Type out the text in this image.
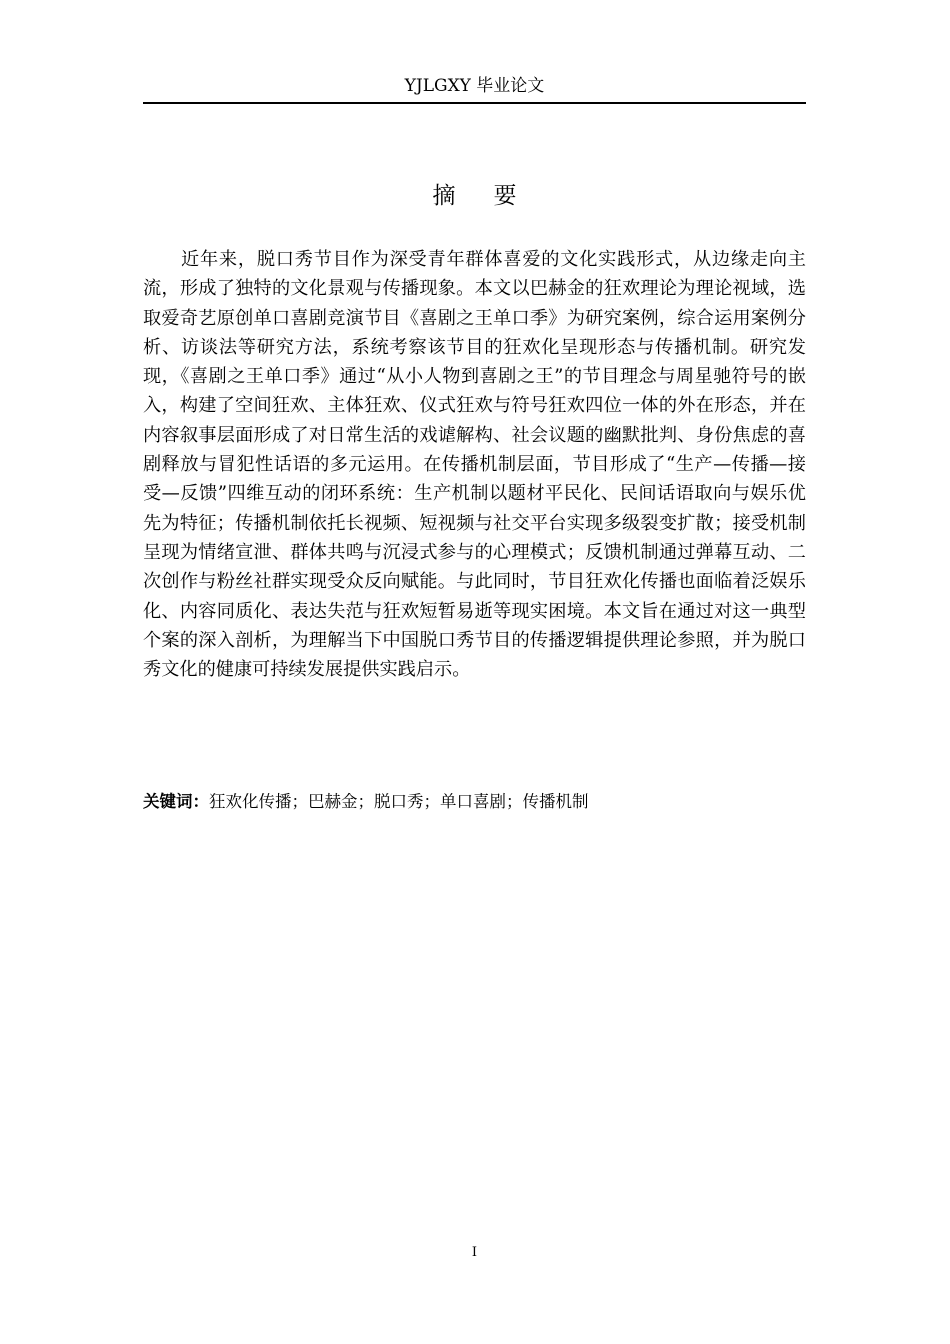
YJLGXY 毕业论文
摘要

近年来，脱口秀节目作为深受青年群体喜爱的文化实践形式，从边缘走向主流，形成了独特的文化景观与传播现象。本文以巴赫金的狂欢理论为理论视域，选取爱奇艺原创单口喜剧竞演节目《喜剧之王单口季》为研究案例，综合运用案例分析、访谈法等研究方法，系统考察该节目的狂欢化呈现形态与传播机制。研究发现，《喜剧之王单口季》通过“从小人物到喜剧之王”的节目理念与周星驰符号的嵌入，构建了空间狂欢、主体狂欢、仪式狂欢与符号狂欢四位一体的外在形态，并在内容叙事层面形成了对日常生活的戏谑解构、社会议题的幽默批判、身份焦虑的喜剧释放与冒犯性话语的多元运用。在传播机制层面，节目形成了“生产—传播—接受—反馈”四维互动的闭环系统：生产机制以题材平民化、民间话语取向与娱乐优先为特征；传播机制依托长视频、短视频与社交平台实现多级裂变扩散；接受机制呈现为情绪宣泄、群体共鸣与沉浸式参与的心理模式；反馈机制通过弹幕互动、二次创作与粉丝社群实现受众反向赋能。与此同时，节目狂欢化传播也面临着泛娱乐化、内容同质化、表达失范与狂欢短暂易逝等现实困境。本文旨在通过对这一典型个案的深入剖析，为理解当下中国脱口秀节目的传播逻辑提供理论参照，并为脱口秀文化的健康可持续发展提供实践启示。

关键词：狂欢化传播；巴赫金；脱口秀；单口喜剧；传播机制

I
